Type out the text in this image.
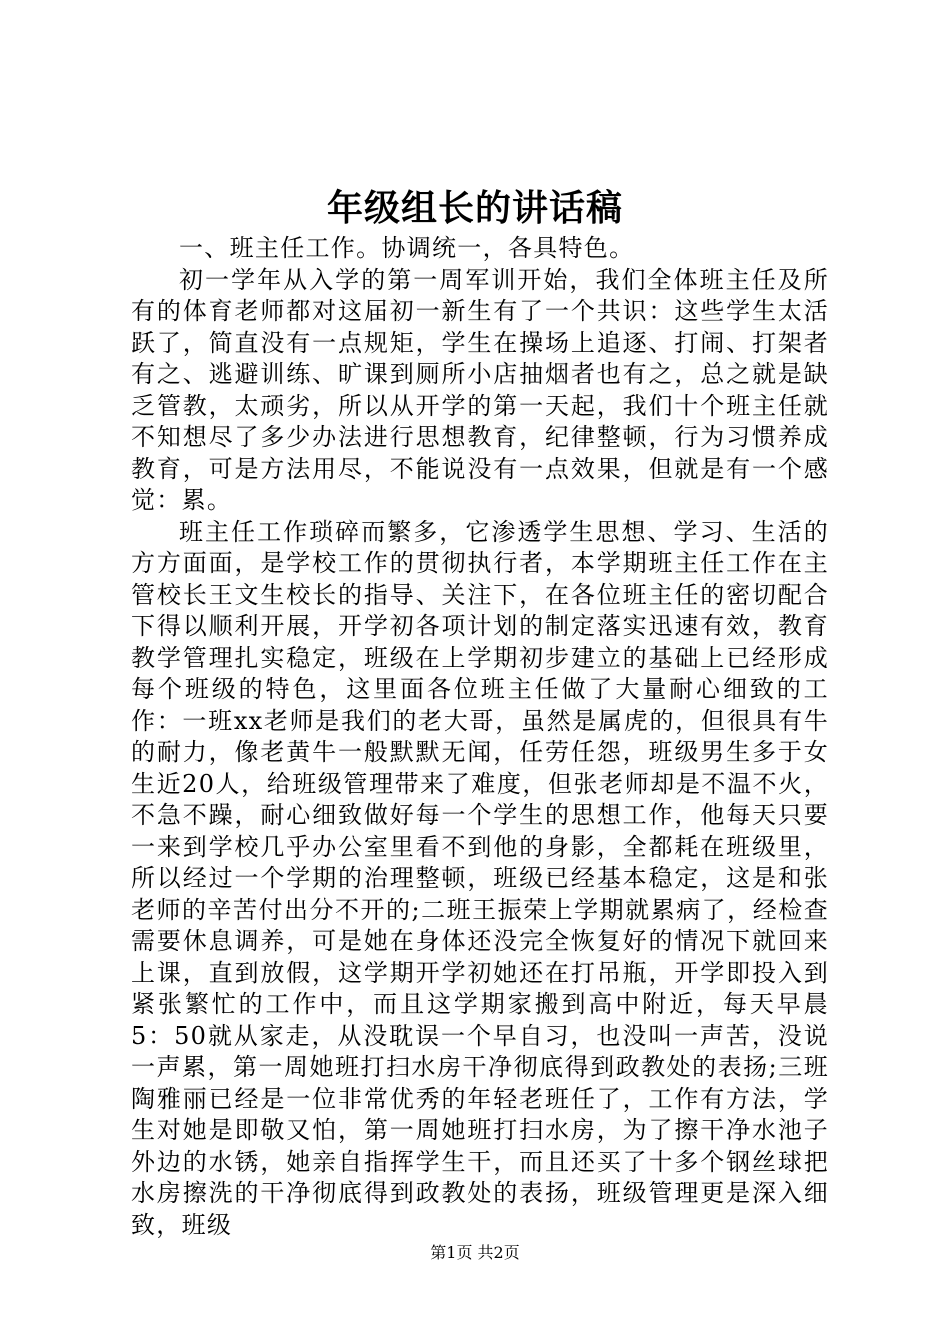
年级组长的讲话稿

一、班主任工作。协调统一，各具特色。

初一学年从入学的第一周军训开始，我们全体班主任及所有的体育老师都对这届初一新生有了一个共识：这些学生太活跃了，简直没有一点规矩，学生在操场上追逐、打闹、打架者有之、逃避训练、旷课到厕所小店抽烟者也有之，总之就是缺乏管教，太顽劣，所以从开学的第一天起，我们十个班主任就不知想尽了多少办法进行思想教育，纪律整顿，行为习惯养成教育，可是方法用尽，不能说没有一点效果，但就是有一个感觉：累。

班主任工作琐碎而繁多，它渗透学生思想、学习、生活的方方面面，是学校工作的贯彻执行者，本学期班主任工作在主管校长王文生校长的指导、关注下，在各位班主任的密切配合下得以顺利开展，开学初各项计划的制定落实迅速有效，教育教学管理扎实稳定，班级在上学期初步建立的基础上已经形成每个班级的特色，这里面各位班主任做了大量耐心细致的工作：一班xx老师是我们的老大哥，虽然是属虎的，但很具有牛的耐力，像老黄牛一般默默无闻，任劳任怨，班级男生多于女生近20人，给班级管理带来了难度，但张老师却是不温不火，不急不躁，耐心细致做好每一个学生的思想工作，他每天只要一来到学校几乎办公室里看不到他的身影，全都耗在班级里，所以经过一个学期的治理整顿，班级已经基本稳定，这是和张老师的辛苦付出分不开的;二班王振荣上学期就累病了，经检查需要休息调养，可是她在身体还没完全恢复好的情况下就回来上课，直到放假，这学期开学初她还在打吊瓶，开学即投入到紧张繁忙的工作中，而且这学期家搬到高中附近，每天早晨5：50就从家走，从没耽误一个早自习，也没叫一声苦，没说一声累，第一周她班打扫水房干净彻底得到政教处的表扬;三班陶雅丽已经是一位非常优秀的年轻老班任了，工作有方法，学生对她是即敬又怕，第一周她班打扫水房，为了擦干净水池子外边的水锈，她亲自指挥学生干，而且还买了十多个钢丝球把水房擦洗的干净彻底得到政教处的表扬，班级管理更是深入细致，班级

第1页 共2页
